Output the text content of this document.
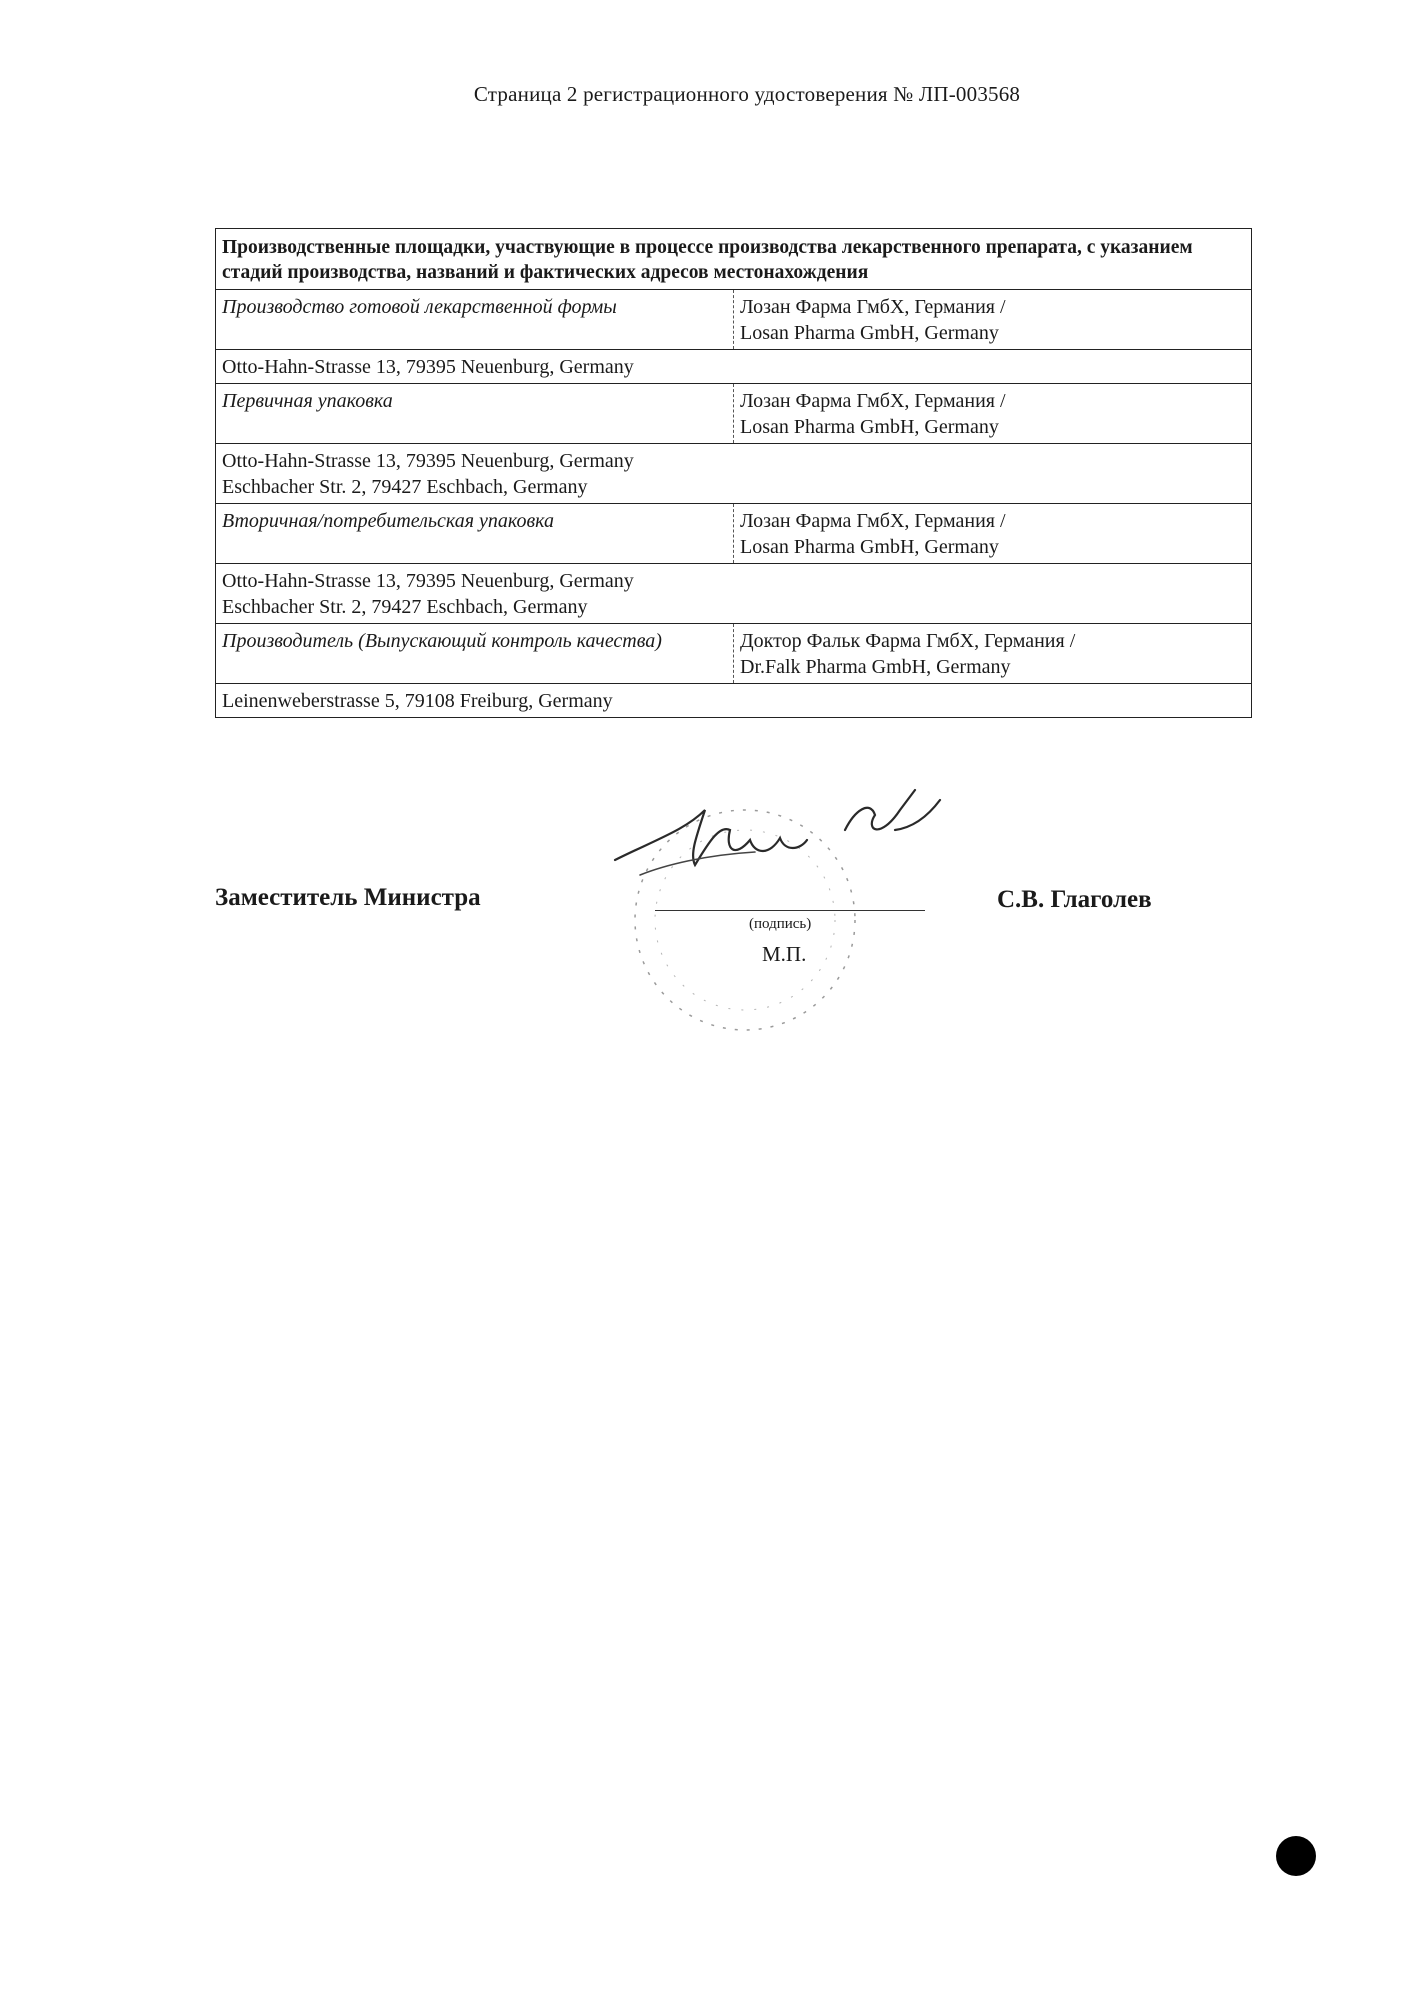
Страница 2 регистрационного удостоверения № ЛП-003568
Производственные площадки, участвующие в процессе производства лекарственного препарата, с указанием стадий производства, названий и фактических адресов местонахождения	
Производство готовой лекарственной формы	Лозан Фарма ГмбХ, Германия /
Losan Pharma GmbH, Germany

Otto-Hahn-Strasse 13, 79395 Neuenburg, Germany	

Первичная упаковка	Лозан Фарма ГмбХ, Германия /
Losan Pharma GmbH, Germany

Otto-Hahn-Strasse 13, 79395 Neuenburg, Germany
Eschbacher Str. 2, 79427 Eschbach, Germany	

Вторичная/потребительская упаковка	Лозан Фарма ГмбХ, Германия /
Losan Pharma GmbH, Germany

Otto-Hahn-Strasse 13, 79395 Neuenburg, Germany
Eschbacher Str. 2, 79427 Eschbach, Germany	

Производитель (Выпускающий контроль качества)	Доктор Фальк Фарма ГмбХ, Германия /
Dr.Falk Pharma GmbH, Germany

Leinenweberstrasse 5, 79108 Freiburg, Germany	
Заместитель Министра
(подпись)
М.П.
С.В. Глаголев
